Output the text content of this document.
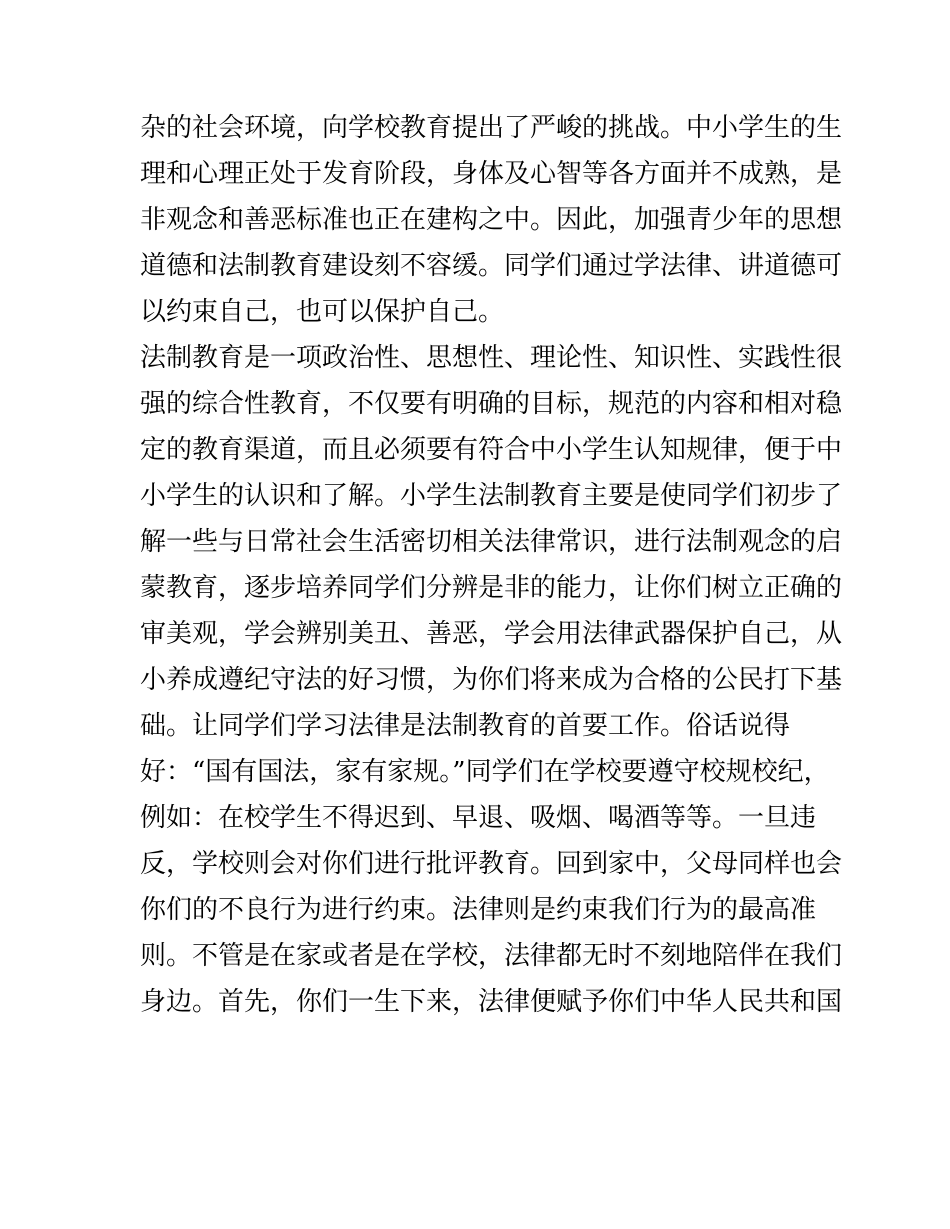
杂的社会环境，向学校教育提出了严峻的挑战。中小学生的生
理和心理正处于发育阶段，身体及心智等各方面并不成熟，是
非观念和善恶标准也正在建构之中。因此，加强青少年的思想
道德和法制教育建设刻不容缓。同学们通过学法律、讲道德可
以约束自己，也可以保护自己。
法制教育是一项政治性、思想性、理论性、知识性、实践性很
强的综合性教育，不仅要有明确的目标，规范的内容和相对稳
定的教育渠道，而且必须要有符合中小学生认知规律，便于中
小学生的认识和了解。小学生法制教育主要是使同学们初步了
解一些与日常社会生活密切相关法律常识，进行法制观念的启
蒙教育，逐步培养同学们分辨是非的能力，让你们树立正确的
审美观，学会辨别美丑、善恶，学会用法律武器保护自己，从
小养成遵纪守法的好习惯，为你们将来成为合格的公民打下基
础。让同学们学习法律是法制教育的首要工作。俗话说得
好：“国有国法，家有家规。”同学们在学校要遵守校规校纪，
例如：在校学生不得迟到、早退、吸烟、喝酒等等。一旦违
反，学校则会对你们进行批评教育。回到家中，父母同样也会
你们的不良行为进行约束。法律则是约束我们行为的最高准
则。不管是在家或者是在学校，法律都无时不刻地陪伴在我们
身边。首先，你们一生下来，法律便赋予你们中华人民共和国
